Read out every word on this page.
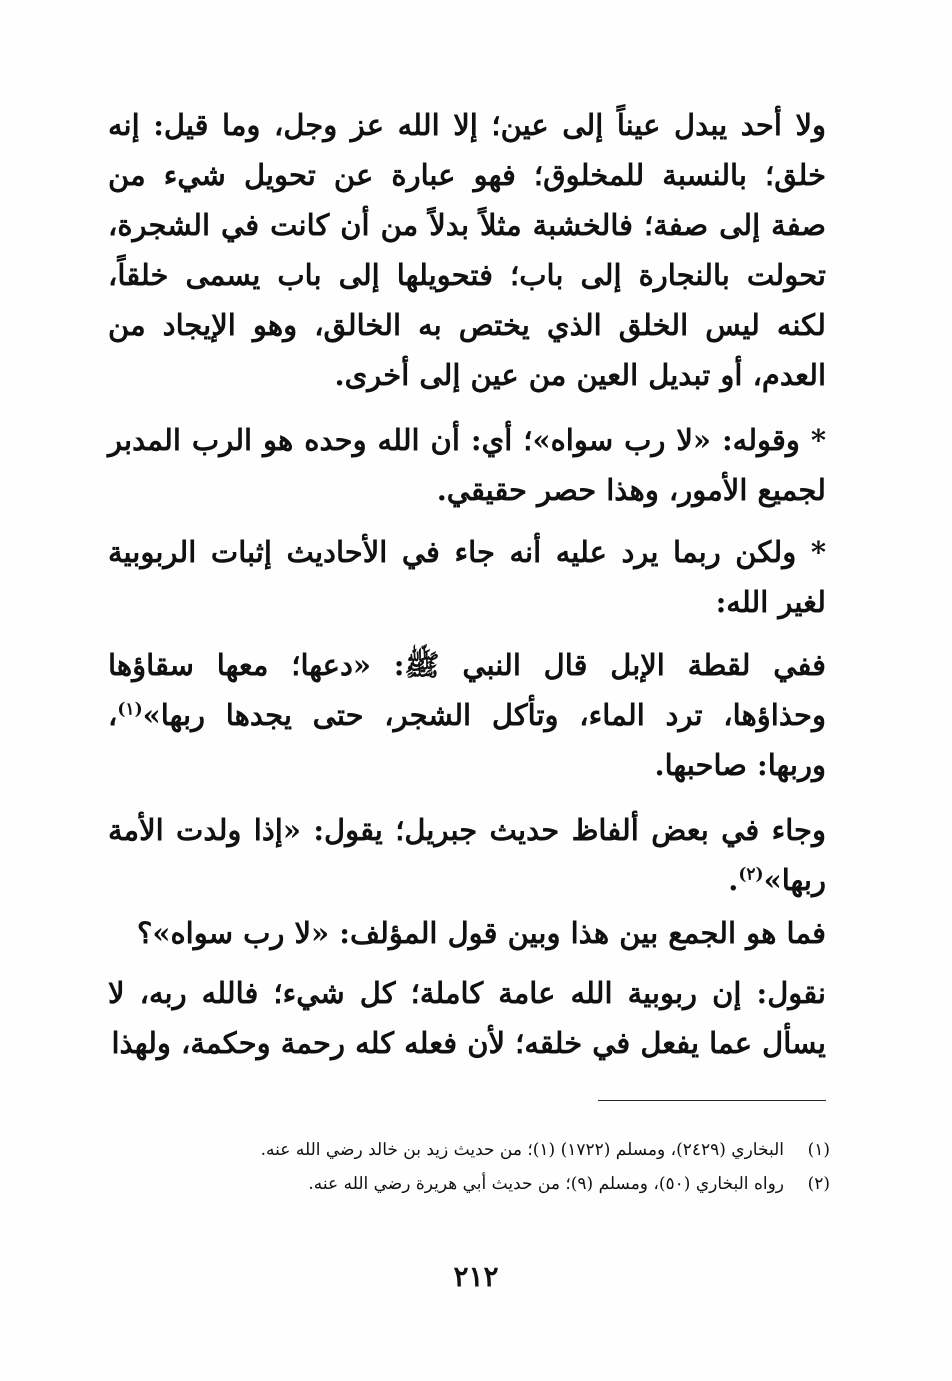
ولا أحد يبدل عيناً إلى عين؛ إلا الله عز وجل، وما قيل: إنه خلق؛ بالنسبة للمخلوق؛ فهو عبارة عن تحويل شيء من صفة إلى صفة؛ فالخشبة مثلاً بدلاً من أن كانت في الشجرة، تحولت بالنجارة إلى باب؛ فتحويلها إلى باب يسمى خلقاً، لكنه ليس الخلق الذي يختص به الخالق، وهو الإيجاد من العدم، أو تبديل العين من عين إلى أخرى.
* وقوله: «لا رب سواه»؛ أي: أن الله وحده هو الرب المدبر لجميع الأمور، وهذا حصر حقيقي.
* ولكن ربما يرد عليه أنه جاء في الأحاديث إثبات الربوبية لغير الله:
ففي لقطة الإبل قال النبي ﷺ: «دعها؛ معها سقاؤها وحذاؤها، ترد الماء، وتأكل الشجر، حتى يجدها ربها»$^{(١)}$، وربها: صاحبها.
وجاء في بعض ألفاظ حديث جبريل؛ يقول: «إذا ولدت الأمة ربها»$^{(٢)}$.
فما هو الجمع بين هذا وبين قول المؤلف: «لا رب سواه»؟
نقول: إن ربوبية الله عامة كاملة؛ كل شيء؛ فالله ربه، لا يسأل عما يفعل في خلقه؛ لأن فعله كله رحمة وحكمة، ولهذا
(١)البخاري (٢٤٢٩)، ومسلم (١٧٢٢) (١)؛ من حديث زيد بن خالد رضي الله عنه.
(٢)رواه البخاري (٥٠)، ومسلم (٩)؛ من حديث أبي هريرة رضي الله عنه.
٢١٢
